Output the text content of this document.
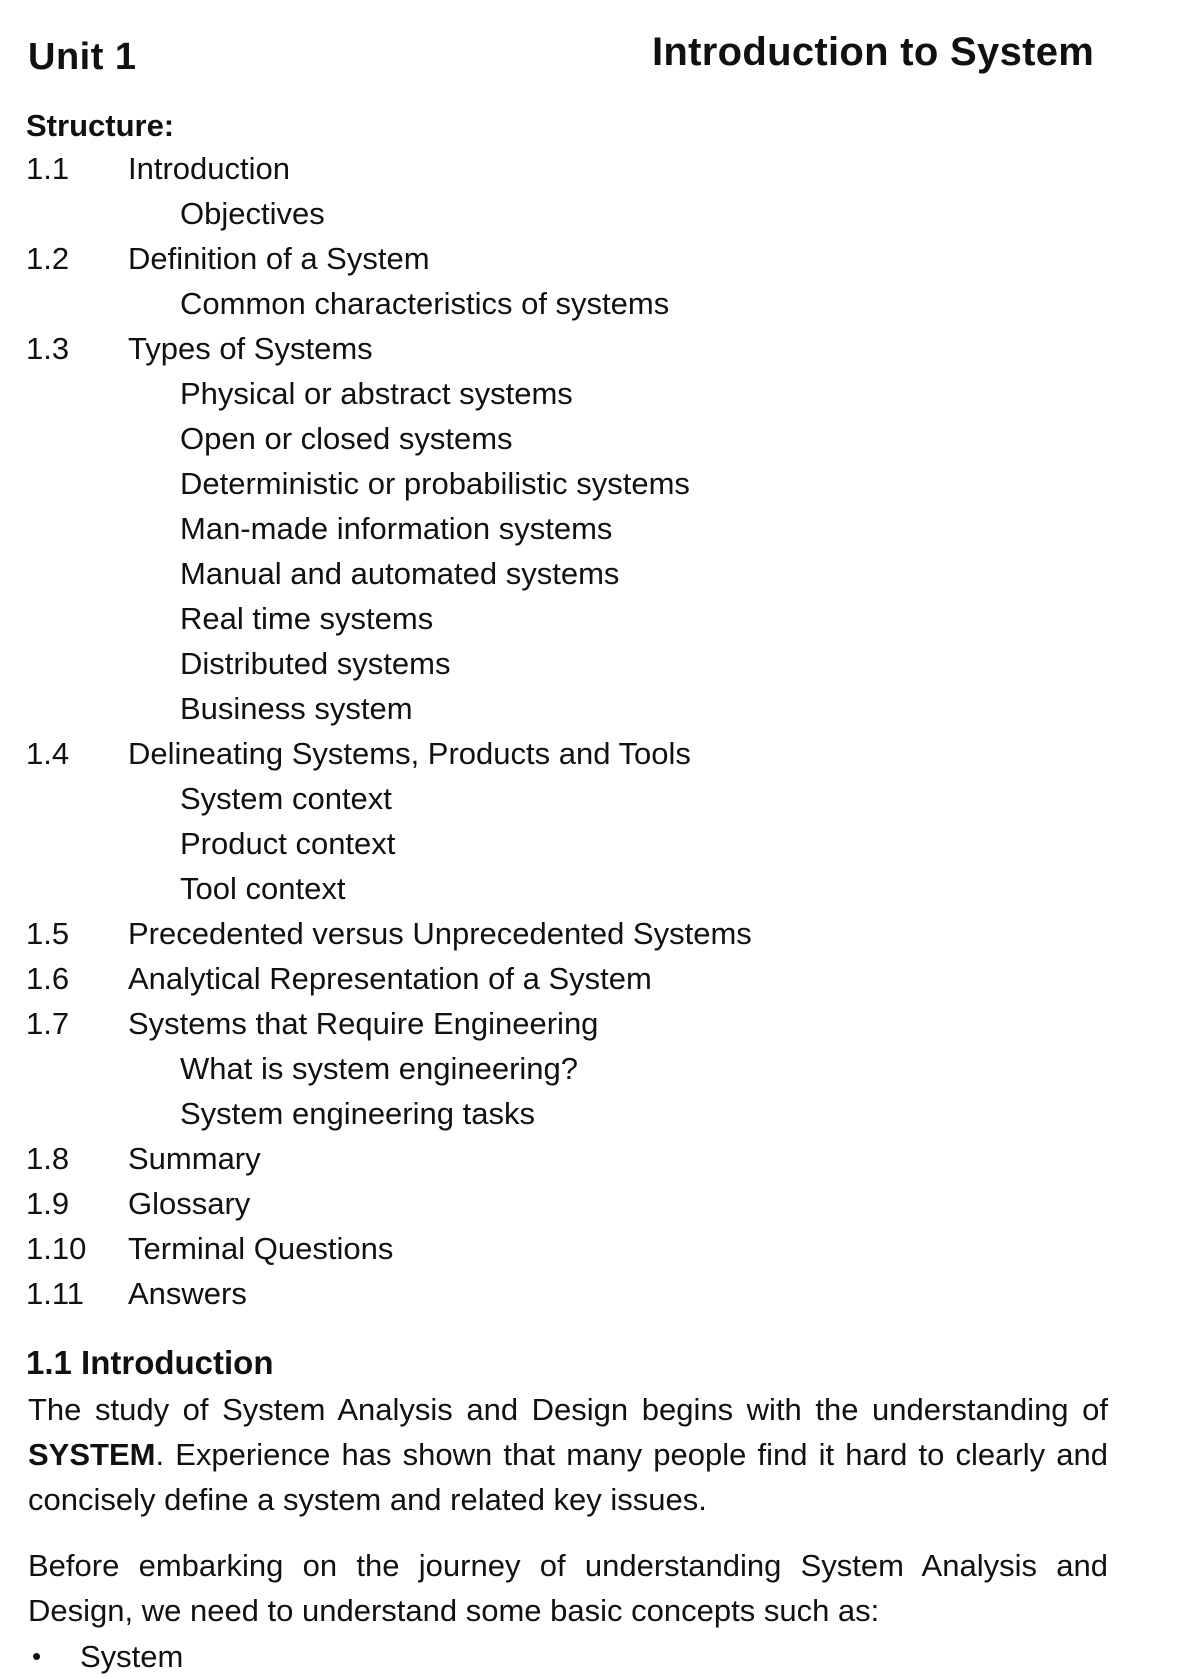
Unit 1	Introduction to System
Structure:
1.1 Introduction
Objectives
1.2 Definition of a System
Common characteristics of systems
1.3 Types of Systems
Physical or abstract systems
Open or closed systems
Deterministic or probabilistic systems
Man-made information systems
Manual and automated systems
Real time systems
Distributed systems
Business system
1.4 Delineating Systems, Products and Tools
System context
Product context
Tool context
1.5 Precedented versus Unprecedented Systems
1.6 Analytical Representation of a System
1.7 Systems that Require Engineering
What is system engineering?
System engineering tasks
1.8 Summary
1.9 Glossary
1.10 Terminal Questions
1.11 Answers
1.1 Introduction
The study of System Analysis and Design begins with the understanding of SYSTEM. Experience has shown that many people find it hard to clearly and concisely define a system and related key issues.
Before embarking on the journey of understanding System Analysis and Design, we need to understand some basic concepts such as:
• System
